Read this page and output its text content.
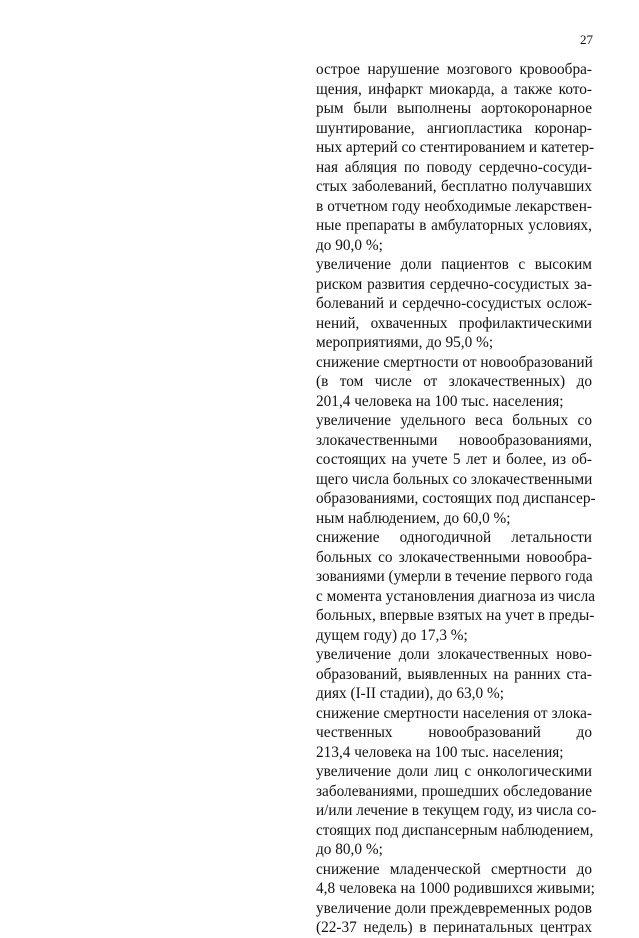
27
острое нарушение мозгового кровообра-
щения, инфаркт миокарда, а также кото-
рым были выполнены аортокоронарное
шунтирование, ангиопластика коронар-
ных артерий со стентированием и катетер-
ная абляция по поводу сердечно-сосуди-
стых заболеваний, бесплатно получавших
в отчетном году необходимые лекарствен-
ные препараты в амбулаторных условиях,
до 90,0 %;
увеличение доли пациентов с высоким
риском развития сердечно-сосудистых за-
болеваний и сердечно-сосудистых ослож-
нений, охваченных профилактическими
мероприятиями, до 95,0 %;
снижение смертности от новообразований
(в том числе от злокачественных) до
201,4 человека на 100 тыс. населения;
увеличение удельного веса больных со
злокачественными новообразованиями,
состоящих на учете 5 лет и более, из об-
щего числа больных со злокачественными
образованиями, состоящих под диспансер-
ным наблюдением, до 60,0 %;
снижение одногодичной летальности
больных со злокачественными новообра-
зованиями (умерли в течение первого года
с момента установления диагноза из числа
больных, впервые взятых на учет в преды-
дущем году) до 17,3 %;
увеличение доли злокачественных ново-
образований, выявленных на ранних ста-
диях (I-II стадии), до 63,0 %;
снижение смертности населения от злока-
чественных новообразований до
213,4 человека на 100 тыс. населения;
увеличение доли лиц с онкологическими
заболеваниями, прошедших обследование
и/или лечение в текущем году, из числа со-
стоящих под диспансерным наблюдением,
до 80,0 %;
снижение младенческой смертности до
4,8 человека на 1000 родившихся живыми;
увеличение доли преждевременных родов
(22-37 недель) в перинатальных центрах
